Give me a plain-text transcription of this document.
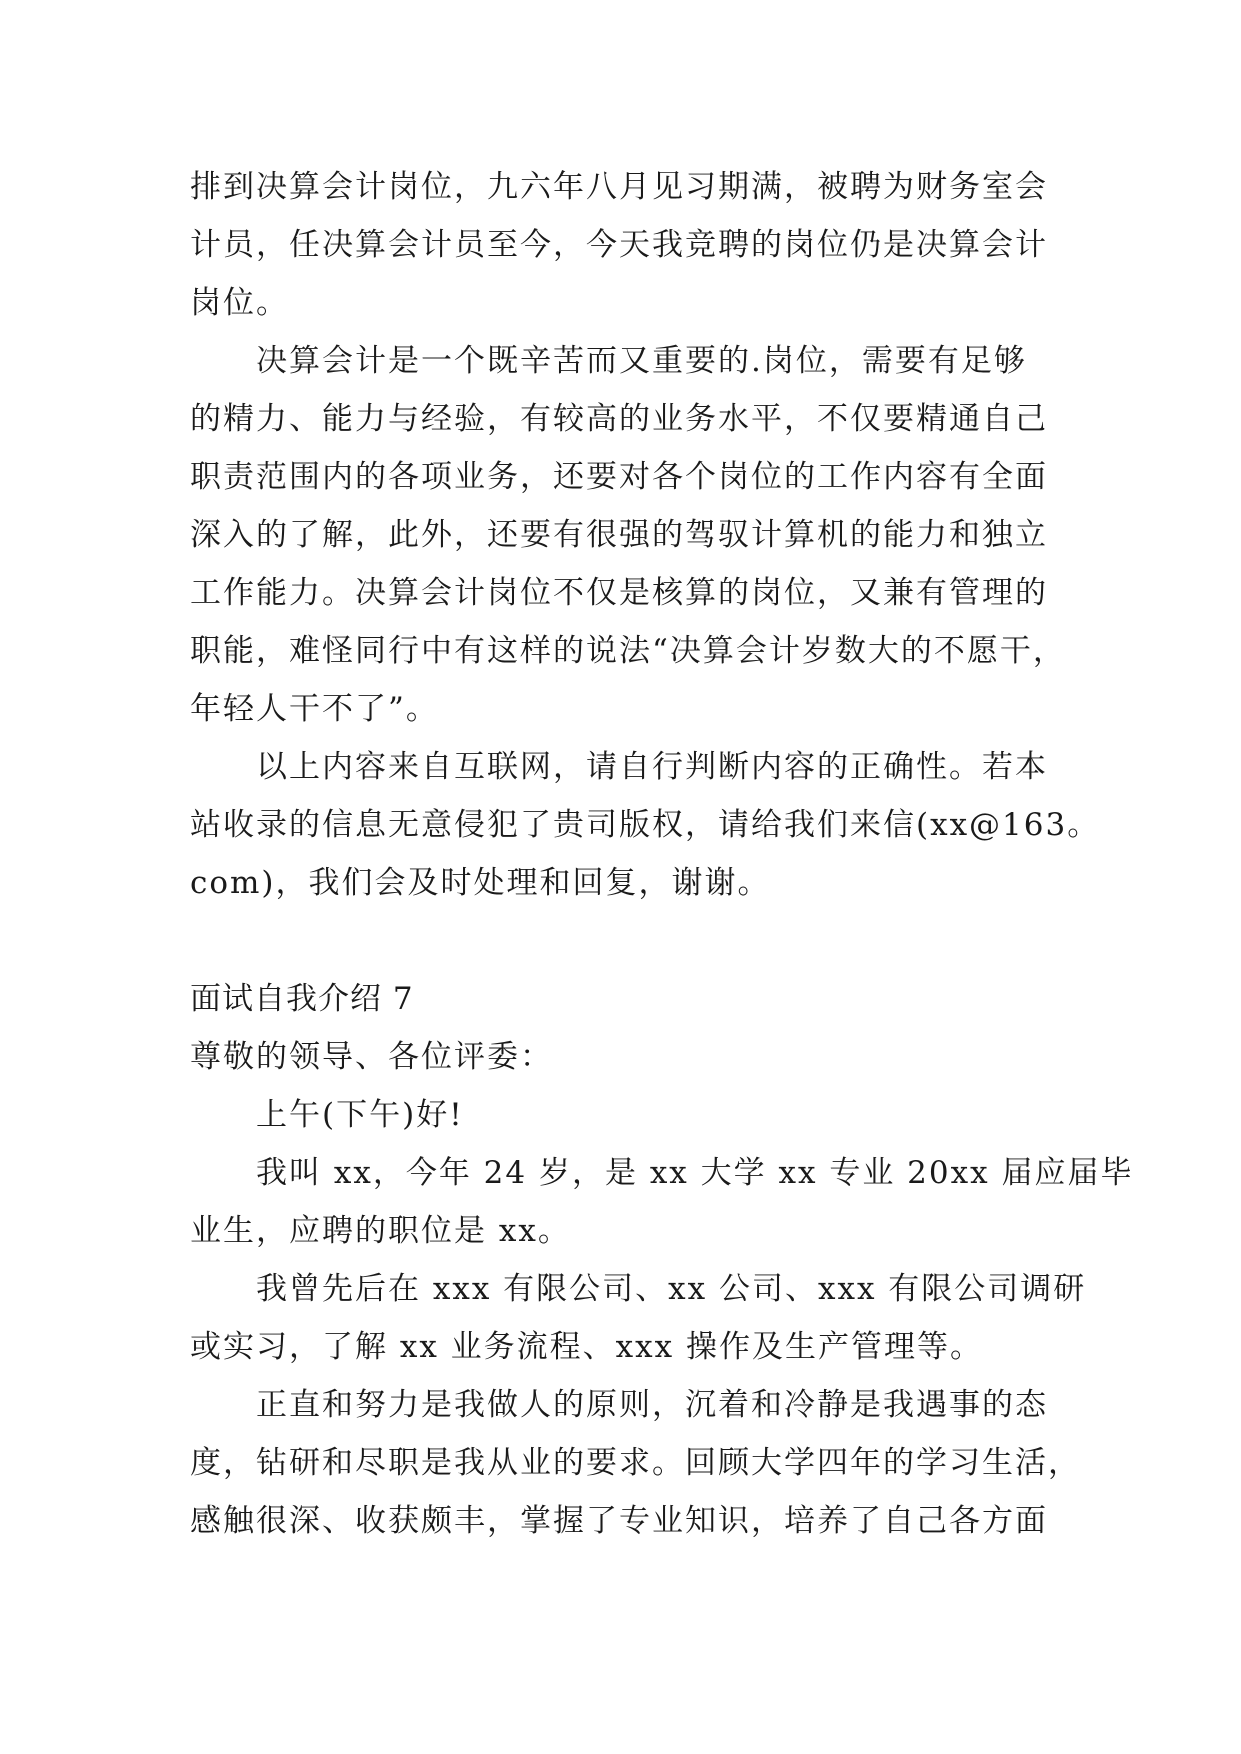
排到决算会计岗位，九六年八月见习期满，被聘为财务室会
计员，任决算会计员至今，今天我竞聘的岗位仍是决算会计
岗位。
决算会计是一个既辛苦而又重要的.岗位，需要有足够
的精力、能力与经验，有较高的业务水平，不仅要精通自己
职责范围内的各项业务，还要对各个岗位的工作内容有全面
深入的了解，此外，还要有很强的驾驭计算机的能力和独立
工作能力。决算会计岗位不仅是核算的岗位，又兼有管理的
职能，难怪同行中有这样的说法“决算会计岁数大的不愿干，
年轻人干不了”。
以上内容来自互联网，请自行判断内容的正确性。若本
站收录的信息无意侵犯了贵司版权，请给我们来信(xx@163。
com)，我们会及时处理和回复，谢谢。
面试自我介绍 7
尊敬的领导、各位评委：
上午(下午)好!
我叫 xx，今年 24 岁，是 xx 大学 xx 专业 20xx 届应届毕
业生，应聘的职位是 xx。
我曾先后在 xxx 有限公司、xx 公司、xxx 有限公司调研
或实习，了解 xx 业务流程、xxx 操作及生产管理等。
正直和努力是我做人的原则，沉着和冷静是我遇事的态
度，钻研和尽职是我从业的要求。回顾大学四年的学习生活，
感触很深、收获颇丰，掌握了专业知识，培养了自己各方面
